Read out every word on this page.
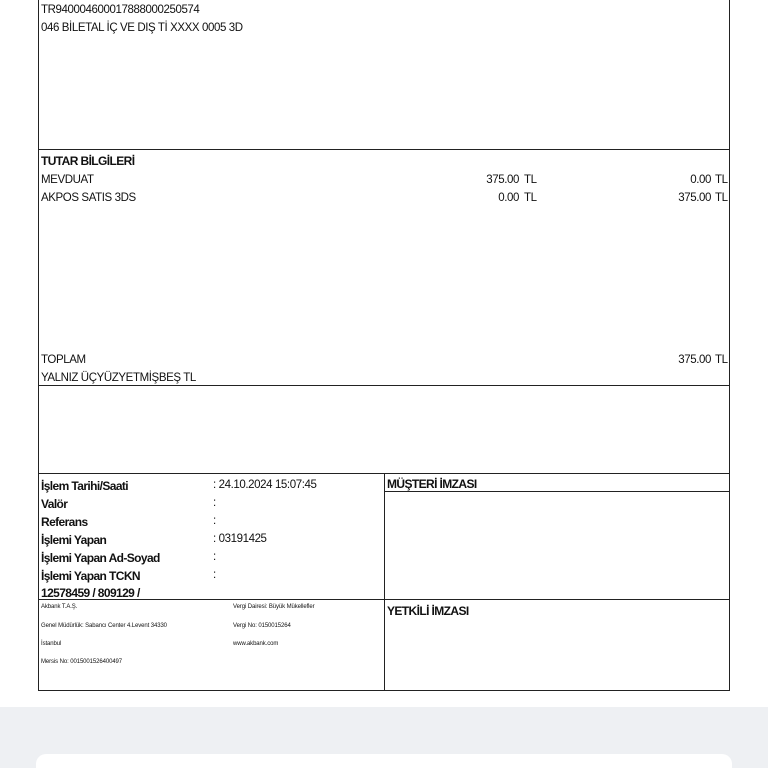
TR940004600017888000250574
046 BİLETAL İÇ VE DIŞ Tİ XXXX 0005 3D
TUTAR BİLGİLERİ
MEVDUAT	375.00 TL	0.00 TL
AKPOS SATIS 3DS	0.00 TL	375.00 TL
TOPLAM	375.00 TL
YALNIZ ÜÇYÜZYETMİŞBEŞ TL
İşlem Tarihi/Saati	: 24.10.2024 15:07:45
Valör	:
Referans	:
İşlemi Yapan	: 03191425
İşlemi Yapan Ad-Soyad	:
İşlemi Yapan TCKN	:
12578459 / 809129 /
MÜŞTERİ İMZASI
YETKİLİ İMZASI
Akbank T.A.Ş.
Genel Müdürlük: Sabancı Center 4.Levent 34330
İstanbul
Mersis No: 0015001526400497
Vergi Dairesi: Büyük Mükellefler
Vergi No: 0150015264
www.akbank.com
